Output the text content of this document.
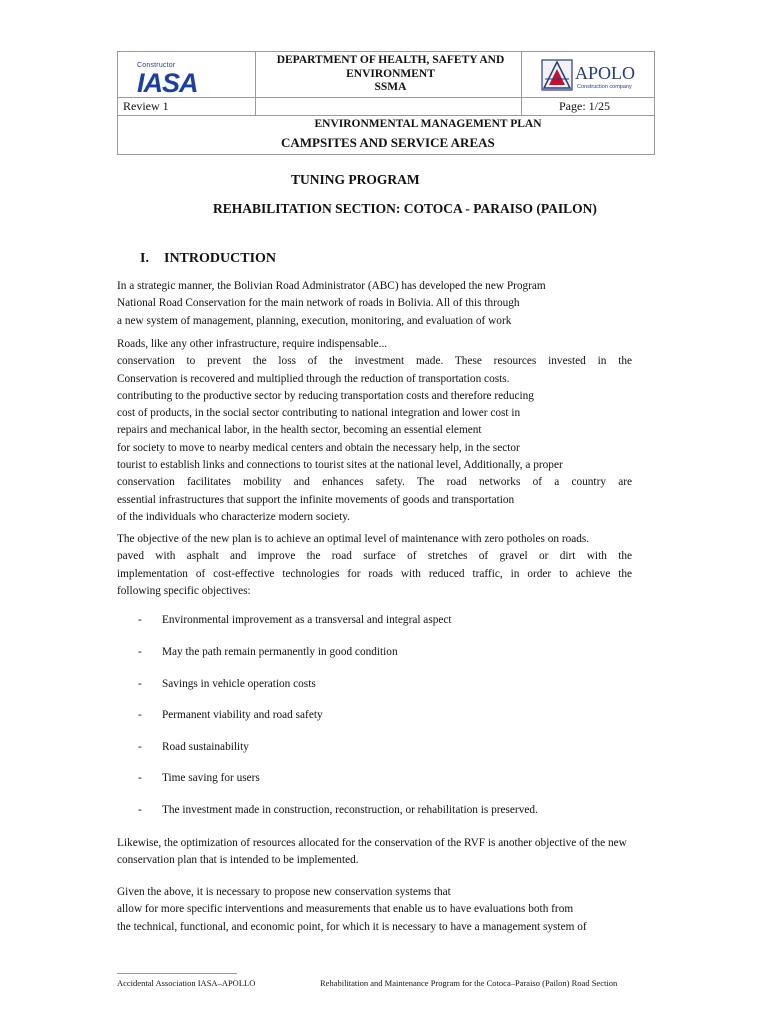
Constructor
IASA
DEPARTMENT OF HEALTH, SAFETY AND
ENVIRONMENT
SSMA
APOLO
Construction company
Review 1	Page: 1/25
ENVIRONMENTAL MANAGEMENT PLAN
CAMPSITES AND SERVICE AREAS
TUNING PROGRAM
REHABILITATION SECTION: COTOCA - PARAISO (PAILON)
I. INTRODUCTION
In a strategic manner, the Bolivian Road Administrator (ABC) has developed the new Program
National Road Conservation for the main network of roads in Bolivia. All of this through
a new system of management, planning, execution, monitoring, and evaluation of work
Roads, like any other infrastructure, require indispensable...
conservation to prevent the loss of the investment made. These resources invested in the
Conservation is recovered and multiplied through the reduction of transportation costs.
contributing to the productive sector by reducing transportation costs and therefore reducing
cost of products, in the social sector contributing to national integration and lower cost in
repairs and mechanical labor, in the health sector, becoming an essential element
for society to move to nearby medical centers and obtain the necessary help, in the sector
tourist to establish links and connections to tourist sites at the national level, Additionally, a proper
conservation facilitates mobility and enhances safety. The road networks of a country are
essential infrastructures that support the infinite movements of goods and transportation
of the individuals who characterize modern society.
The objective of the new plan is to achieve an optimal level of maintenance with zero potholes on roads.
paved with asphalt and improve the road surface of stretches of gravel or dirt with the
implementation of cost-effective technologies for roads with reduced traffic, in order to achieve the
following specific objectives:
- Environmental improvement as a transversal and integral aspect
- May the path remain permanently in good condition
- Savings in vehicle operation costs
- Permanent viability and road safety
- Road sustainability
- Time saving for users
- The investment made in construction, reconstruction, or rehabilitation is preserved.
Likewise, the optimization of resources allocated for the conservation of the RVF is another objective of the new
conservation plan that is intended to be implemented.
Given the above, it is necessary to propose new conservation systems that
allow for more specific interventions and measurements that enable us to have evaluations both from
the technical, functional, and economic point, for which it is necessary to have a management system of
Accidental Association IASA–APOLLO	Rehabilitation and Maintenance Program for the Cotoca–Paraiso (Pailon) Road Section
